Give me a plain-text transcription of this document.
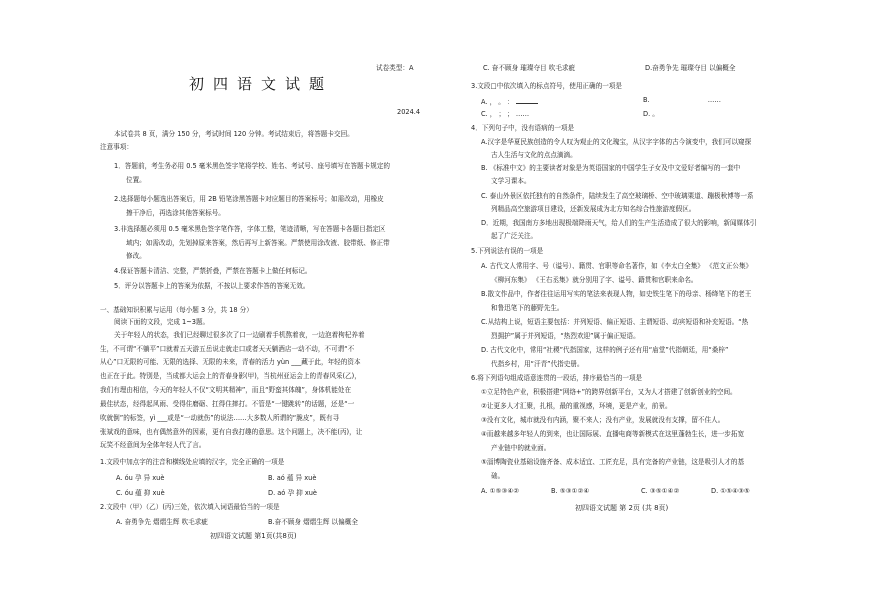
试卷类型：A
初四语文试题
2024.4
本试卷共 8 页，满分 150 分，考试时间 120 分钟。考试结束后，将答题卡交回。
注意事项：
1．答题前，考生务必用 0.5 毫米黑色签字笔将学校、姓名、考试号、座号填写在答题卡规定的
位置。
2.选择题每小题选出答案后，用 2B 铅笔涂黑答题卡对应题目的答案标号；如需改动，用橡皮
擦干净后，再选涂其他答案标号。
3.非选择题必须用 0.5 毫米黑色签字笔作答，字体工整，笔迹清晰，写在答题卡各题目指定区
域内；如需改动，先划掉原来答案，然后再写上新答案。严禁使用涂改液、胶带纸、修正带
修改。
4.保证答题卡清洁、完整，严禁折叠，严禁在答题卡上做任何标记。
5．评分以答题卡上的答案为依据，不按以上要求作答的答案无效。
一、基础知识积累与运用（每小题 3 分，共 18 分）
阅读下面的文段，完成 1~3题。
关于年轻人的状态，我们已经聊过很多次了口一边刷着手机熬着夜，一边泡着枸杞养着
生，不可谓“不躺平”口就着五天游五岳说走就走口或者天天躺酒店一动不动，不可谓“不
从心”口无限的可能、无限的选择、无限的未来，青春的活力 yùn ___藏于此，年轻的资本
也正在于此。特别是，当成都大运会上的青春身影(甲)，当杭州亚运会上的青春风采(乙)，
我们有理由相信，今天的年轻人不仅“文明其精神”，而且“野蛮其体魄”，身体机能处在
最佳状态，经得起风雨、受得住磨砺、扛得住摔打。不管是“一键跳转”的话题，还是“一
吹就倒”的标签，yì ___或是“一动就伤”的说法……大多数人所谓的“脆皮”，既有寻
张斌戏的意味，也有偶然意外的因素，更有自我打趣的意思。这个问题上，决不能(丙)，让
玩笑不经意间为全体年轻人代了言。
1.文段中加点字的注音和横线处应填的汉字，完全正确的一项是
A. óu 孕 异 xuè	B. aó 蕴 异 xuè
C. óu 蕴 抑 xuè	D. aó 孕 抑 xuè
2.文段中（甲）（乙）(丙)三处，依次填入词语最恰当的一项是
A. 奋勇争先 熠熠生辉 吹毛求疵	B.奋不顾身 熠熠生辉 以偏概全
初四语文试题 第1页(共8页)
C. 奋不顾身 璀璨夺目 吹毛求疵	D.奋勇争先 璀璨夺目 以偏概全
3.文段□中依次填入的标点符号，使用正确的一项是
A. ， 。 ：	B.	……
C. ， ； ； ……	D. 。
4．下列句子中，没有语病的一项是
A.汉字是华夏民族创造的令人叹为观止的文化瑰宝，从汉字字体的古今演变中，我们可以窥探
古人生活与文化的点点滴滴。
B. 《标准中文》的主要读者对象是为英语国家的中国学生子女及中文爱好者编写的一套中
文学习课本。
C. 泰山外景区依托独有的自然条件，陆续发生了高空玻璃桥、空中玻璃栗道、蹦极秋博等一系
列精品高空旅游项目建设，还新发展成为北方知名综合性旅游度假区。
D．近期，我国南方多地出现极端降雨天气，给人们的生产生活造成了很大的影响，新闻媒体引
起了广泛关注。
5.下列说法有误的一项是
A. 古代文人常用字、号（谥号）、籍贯、官职等命名著作，如《李太白全集》 《范文正公集》
《柳河东集》 《王右丞集》就分别用了字、谥号、籍贯和官职来命名。
B.散文作品中，作者往往运用写实的笔法来表现人物，如史铁生笔下的母亲、杨绛笔下的老王
和鲁迅笔下的藤野先生。
C.从结构上说，短语主要包括：并列短语、偏正短语、主谓短语、动宾短语和补充短语。“热
烈拥护”属于并列短语，“热烈欢迎”属于偏正短语。
D. 古代文化中，常用“社稷”代指国家，这样的例子还有用“庙堂”代指朝廷，用“桑梓”
代指乡村，用“汗青”代指史册。
6.将下列语句组成语意连贯的一段话，排序最恰当的一项是
①立足特色产业，积极搭建“网络+”的跨界创新平台，又为人才搭建了创新创业的空间。
②让更多人才汇聚，扎根，最的重视感，环境，更是产业，前景。
③没有文化，城市就没有内涵，聚不来人；没有产业，发展就没有支撑，留不住人。
④而越来越多年轻人的到来，也让国际展、直播电商等新模式在这里蓬勃生长，进一步拓宽
产业链中的就业面。
⑤淄博陶瓷业基础设施齐备、成本适宜、工匠充足，具有完备的产业链，这是吸引人才的基
础。
A. ①⑤③④②	B. ⑤③①②④	C. ③⑤①④②	D. ①⑤④③⑤
初四语文试题 第 2页 (共 8页)
